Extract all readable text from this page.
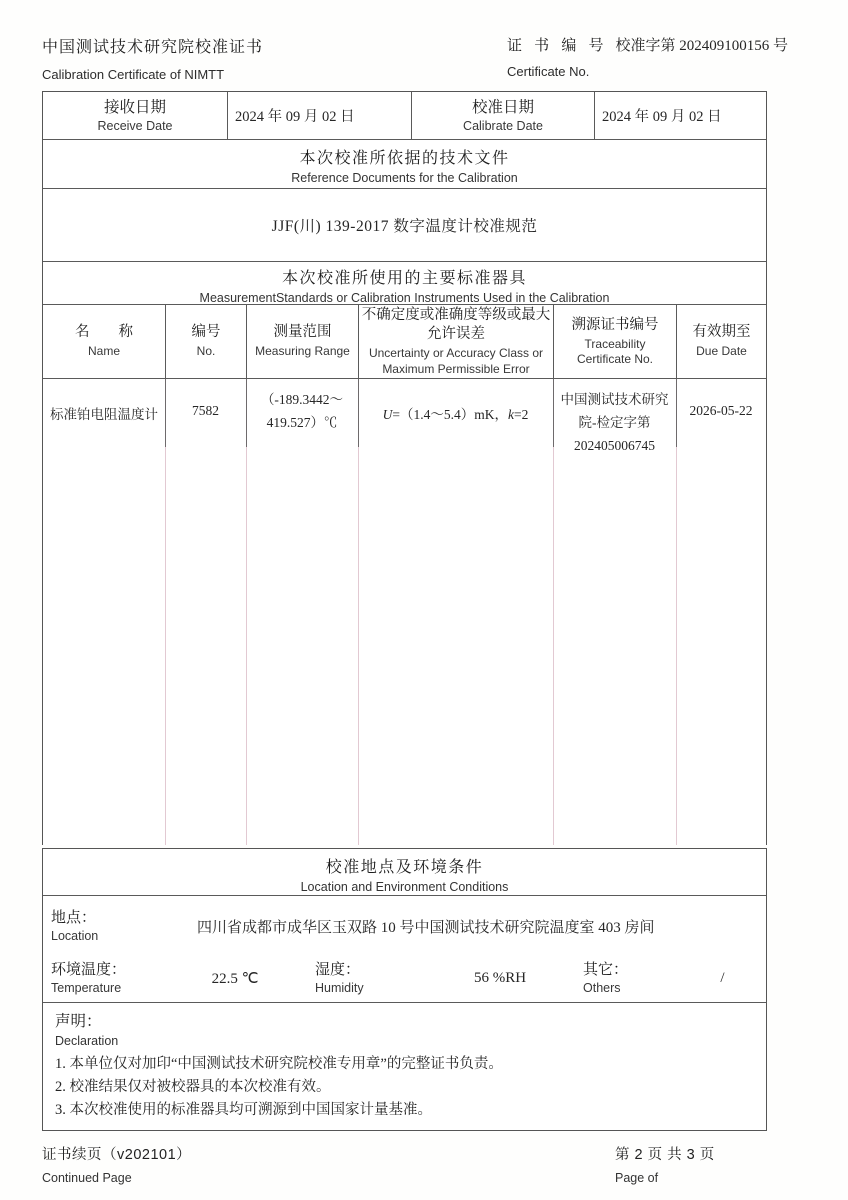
中国测试技术研究院校准证书
Calibration Certificate of NIMTT
证 书 编 号 校准字第 202409100156 号
Certificate No.
接收日期
Receive Date
2024 年 09 月 02 日
校准日期
Calibrate Date
2024 年 09 月 02 日
本次校准所依据的技术文件
Reference Documents for the Calibration
JJF(川) 139-2017 数字温度计校准规范
本次校准所使用的主要标准器具
MeasurementStandards or Calibration Instruments Used in the Calibration
名　　称
Name
编号
No.
测量范围
Measuring Range
不确定度或准确度等级或最大允许误差
Uncertainty or Accuracy Class or Maximum Permissible Error
溯源证书编号
Traceability Certificate No.
有效期至
Due Date
标准铂电阻温度计	7582
（-189.3442～419.527）℃
U=（1.4～5.4）mK，k=2
中国测试技术研究院-检定字第 202405006745
2026-05-22
校准地点及环境条件
Location and Environment Conditions
地点：
Location
四川省成都市成华区玉双路 10 号中国测试技术研究院温度室 403 房间
环境温度：
Temperature
22.5 ℃
湿度：
Humidity
56 %RH	其它：
Others
/
声明：
Declaration
1. 本单位仅对加印“中国测试技术研究院校准专用章”的完整证书负责。
2. 校准结果仅对被校器具的本次校准有效。
3. 本次校准使用的标准器具均可溯源到中国国家计量基准。
证书续页（v202101）
Continued Page
第 2 页 共 3 页
Page of
